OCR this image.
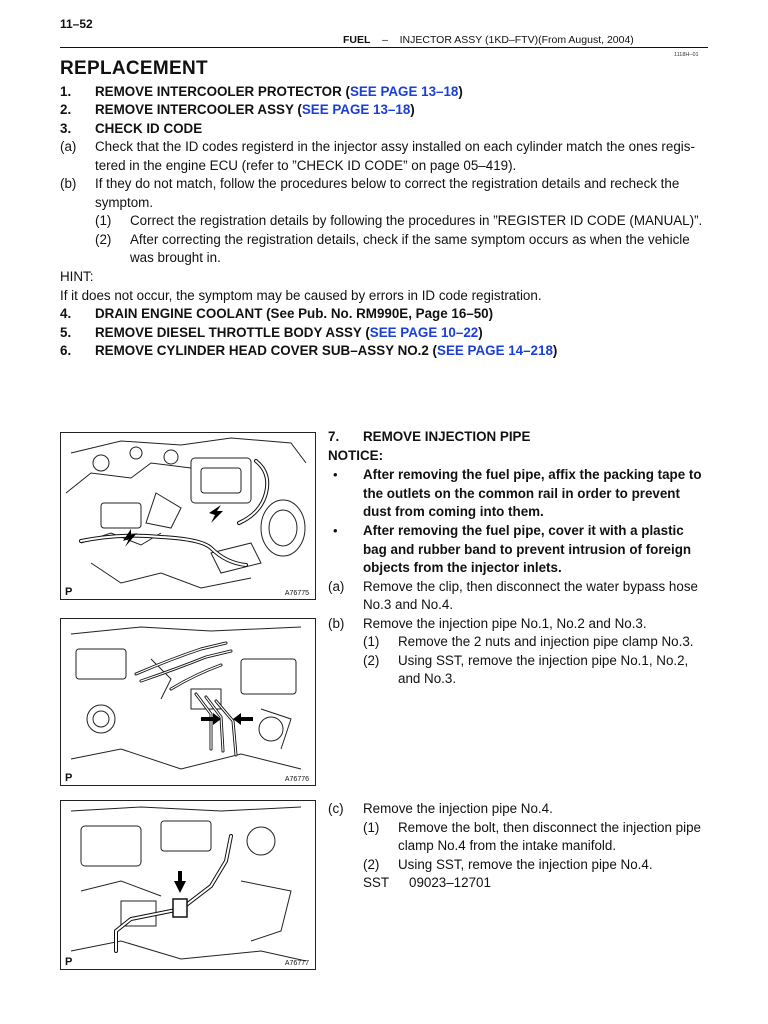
11–52
FUEL – INJECTOR ASSY (1KD–FTV)(From August, 2004)
1118H–01
REPLACEMENT
1. REMOVE INTERCOOLER PROTECTOR (SEE PAGE 13–18)
2. REMOVE INTERCOOLER ASSY (SEE PAGE 13–18)
3. CHECK ID CODE
(a) Check that the ID codes registerd in the injector assy installed on each cylinder match the ones regis-
tered in the engine ECU (refer to ”CHECK ID CODE” on page 05–419).
(b) If they do not match, follow the procedures below to correct the registration details and recheck the
symptom.
(1) Correct the registration details by following the procedures in ”REGISTER ID CODE (MANUAL)”.
(2) After correcting the registration details, check if the same symptom occurs as when the vehicle
was brought in.
HINT:
If it does not occur, the symptom may be caused by errors in ID code registration.
4. DRAIN ENGINE COOLANT (See Pub. No. RM990E, Page 16–50)
5. REMOVE DIESEL THROTTLE BODY ASSY (SEE PAGE 10–22)
6. REMOVE CYLINDER HEAD COVER SUB–ASSY NO.2 (SEE PAGE 14–218)
P	A76775
P	A76776
P	A76777
7. REMOVE INJECTION PIPE
NOTICE:
• After removing the fuel pipe, affix the packing tape to
the outlets on the common rail in order to prevent
dust from coming into them.
• After removing the fuel pipe, cover it with a plastic
bag and rubber band to prevent intrusion of foreign
objects from the injector inlets.
(a) Remove the clip, then disconnect the water bypass hose
No.3 and No.4.
(b) Remove the injection pipe No.1, No.2 and No.3.
(1) Remove the 2 nuts and injection pipe clamp No.3.
(2) Using SST, remove the injection pipe No.1, No.2,
and No.3.
(c) Remove the injection pipe No.4.
(1) Remove the bolt, then disconnect the injection pipe
clamp No.4 from the intake manifold.
(2) Using SST, remove the injection pipe No.4.
SST 09023–12701
